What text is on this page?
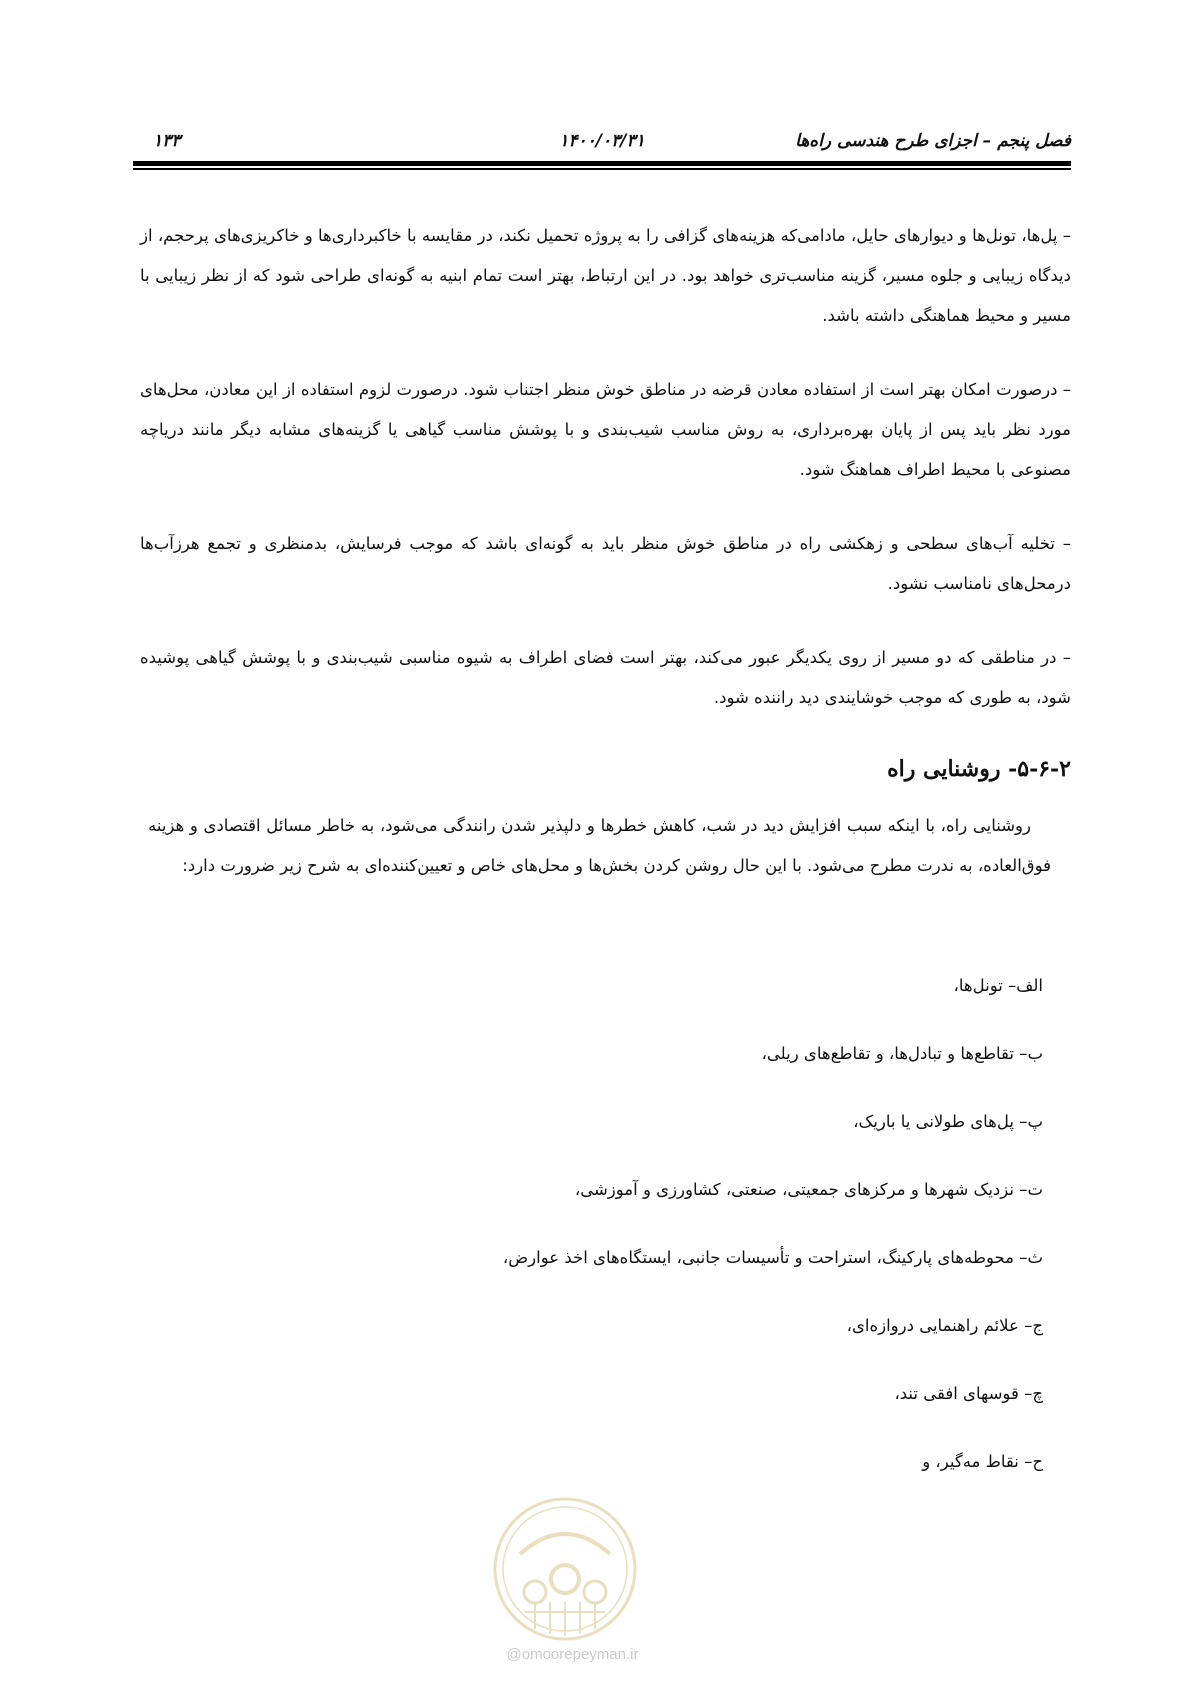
فصل پنجم – اجزای طرح هندسی راه‌ها
۱۴۰۰/۰۳/۳۱
۱۳۳

– پل‌ها، تونل‌ها و دیوارهای حایل، مادامی‌که هزینه‌های گزافی را به پروژه تحمیل نکند، در مقایسه با خاکبرداری‌ها و خاکریزی‌های پرحجم، از دیدگاه زیبایی و جلوه مسیر، گزینه مناسب‌تری خواهد بود. در این ارتباط، بهتر است تمام ابنیه به گونه‌ای طراحی شود که از نظر زیبایی با مسیر و محیط هماهنگی داشته باشد.

– درصورت امکان بهتر است از استفاده معادن قرضه در مناطق خوش منظر اجتناب شود. درصورت لزوم استفاده از این معادن، محل‌های مورد نظر باید پس از پایان بهره‌برداری، به روش مناسب شیب‌بندی و با پوشش مناسب گیاهی یا گزینه‌های مشابه دیگر مانند دریاچه مصنوعی با محیط اطراف هماهنگ شود.

– تخلیه آب‌های سطحی و زهکشی راه در مناطق خوش منظر باید به گونه‌ای باشد که موجب فرسایش، بدمنظری و تجمع هرزآب‌ها درمحل‌های نامناسب نشود.

– در مناطقی که دو مسیر از روی یکدیگر عبور می‌کند، بهتر است فضای اطراف به شیوه مناسبی شیب‌بندی و با پوشش گیاهی پوشیده شود، به طوری که موجب خوشایندی دید راننده شود.

۵-۶-۲- روشنایی راه

روشنایی راه، با اینکه سبب افزایش دید در شب، کاهش خطرها و دلپذیر شدن رانندگی می‌شود، به خاطر مسائل اقتصادی و هزینه فوق‌العاده، به ندرت مطرح می‌شود. با این حال روشن کردن بخش‌ها و محل‌های خاص و تعیین‌کننده‌ای به شرح زیر ضرورت دارد:

الف– تونل‌ها،
ب– تقاطع‌ها و تبادل‌ها، و تقاطع‌های ریلی،
پ– پل‌های طولانی یا باریک،
ت– نزدیک شهرها و مرکزهای جمعیتی، صنعتی، کشاورزی و آموزشی،
ث– محوطه‌های پارکینگ، استراحت و تأسیسات جانبی، ایستگاه‌های اخذ عوارض،
ج– علائم راهنمایی دروازه‌ای،
چ– قوسهای افقی تند،
ح– نقاط مه‌گیر، و
@omoorepeyman.ir
